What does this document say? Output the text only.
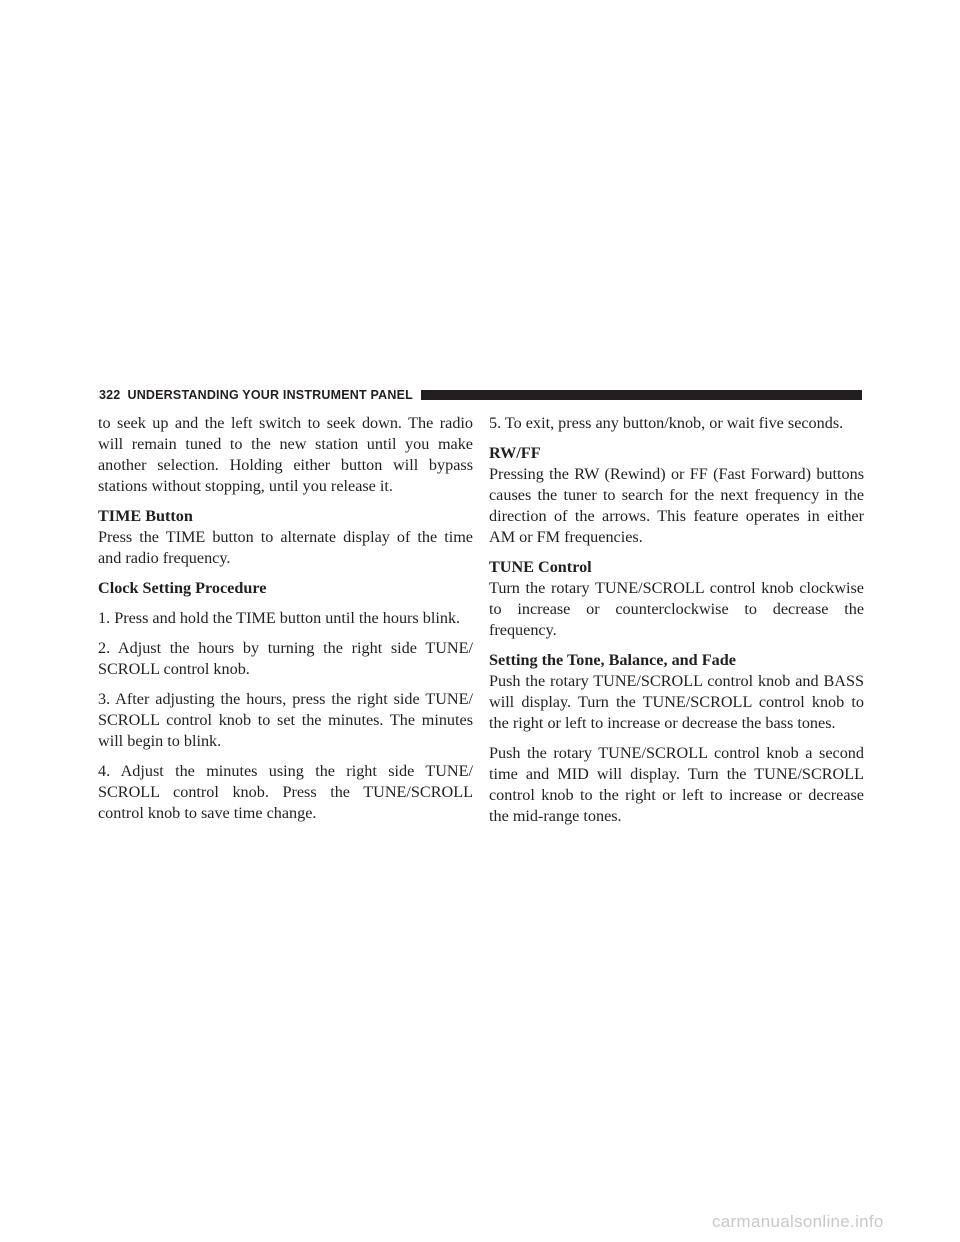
322 UNDERSTANDING YOUR INSTRUMENT PANEL

to seek up and the left switch to seek down. The radio will remain tuned to the new station until you make another selection. Holding either button will bypass stations without stopping, until you release it.

TIME Button

Press the TIME button to alternate display of the time and radio frequency.

Clock Setting Procedure

1. Press and hold the TIME button until the hours blink.

2. Adjust the hours by turning the right side TUNE/ SCROLL control knob.

3. After adjusting the hours, press the right side TUNE/ SCROLL control knob to set the minutes. The minutes will begin to blink.

4. Adjust the minutes using the right side TUNE/ SCROLL control knob. Press the TUNE/SCROLL control knob to save time change.

5. To exit, press any button/knob, or wait five seconds.

RW/FF

Pressing the RW (Rewind) or FF (Fast Forward) buttons causes the tuner to search for the next frequency in the direction of the arrows. This feature operates in either AM or FM frequencies.

TUNE Control

Turn the rotary TUNE/SCROLL control knob clockwise to increase or counterclockwise to decrease the frequency.

Setting the Tone, Balance, and Fade

Push the rotary TUNE/SCROLL control knob and BASS will display. Turn the TUNE/SCROLL control knob to the right or left to increase or decrease the bass tones.

Push the rotary TUNE/SCROLL control knob a second time and MID will display. Turn the TUNE/SCROLL control knob to the right or left to increase or decrease the mid-range tones.

carmanualsonline.info
